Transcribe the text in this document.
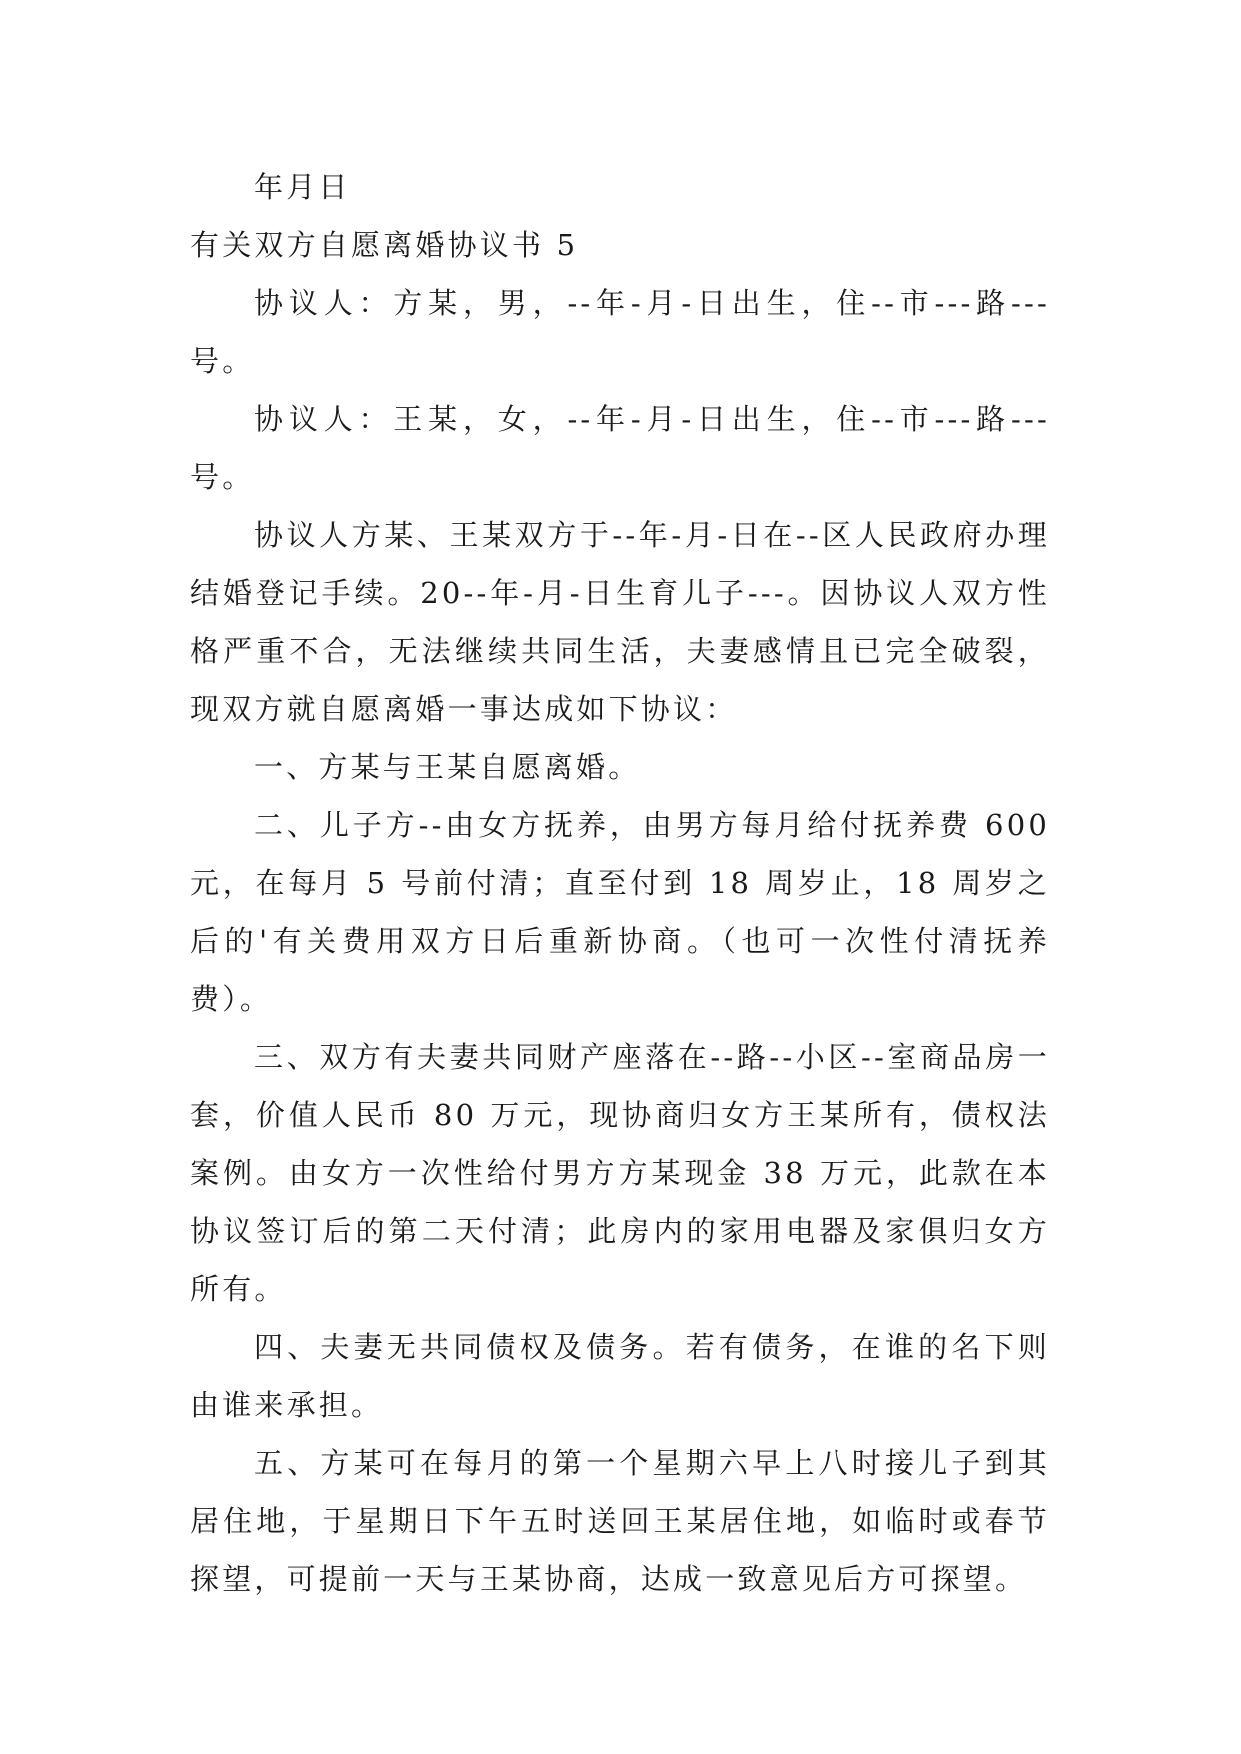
年月日

有关双方自愿离婚协议书 5

协议人：方某，男，--年-月-日出生，住--市---路---号。

协议人：王某，女，--年-月-日出生，住--市---路---号。

协议人方某、王某双方于--年-月-日在--区人民政府办理结婚登记手续。20--年-月-日生育儿子---。因协议人双方性格严重不合，无法继续共同生活，夫妻感情且已完全破裂，现双方就自愿离婚一事达成如下协议：

一、方某与王某自愿离婚。

二、儿子方--由女方抚养，由男方每月给付抚养费 600 元，在每月 5 号前付清；直至付到 18 周岁止，18 周岁之后的'有关费用双方日后重新协商。（也可一次性付清抚养费）。

三、双方有夫妻共同财产座落在--路--小区--室商品房一套，价值人民币 80 万元，现协商归女方王某所有，债权法案例。由女方一次性给付男方方某现金 38 万元，此款在本协议签订后的第二天付清；此房内的家用电器及家俱归女方所有。

四、夫妻无共同债权及债务。若有债务，在谁的名下则由谁来承担。

五、方某可在每月的第一个星期六早上八时接儿子到其居住地，于星期日下午五时送回王某居住地，如临时或春节探望，可提前一天与王某协商，达成一致意见后方可探望。
